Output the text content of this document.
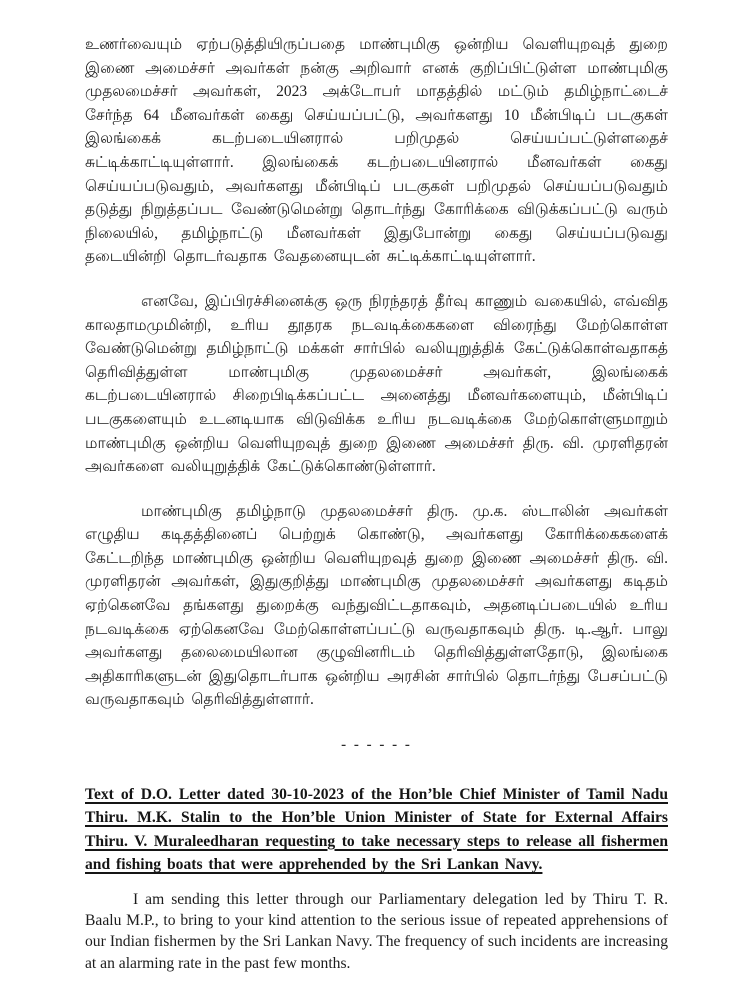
உணர்வையும் ஏற்படுத்தியிருப்பதை மாண்புமிகு ஒன்றிய வெளியுறவுத் துறை இணை அமைச்சர் அவர்கள் நன்கு அறிவார் எனக் குறிப்பிட்டுள்ள மாண்புமிகு முதலமைச்சர் அவர்கள், 2023 அக்டோபர் மாதத்தில் மட்டும் தமிழ்நாட்டைச் சேர்ந்த 64 மீனவர்கள் கைது செய்யப்பட்டு, அவர்களது 10 மீன்பிடிப் படகுகள் இலங்கைக் கடற்படையினரால் பறிமுதல் செய்யப்பட்டுள்ளதைச் சுட்டிக்காட்டியுள்ளார். இலங்கைக் கடற்படையினரால் மீனவர்கள் கைது செய்யப்படுவதும், அவர்களது மீன்பிடிப் படகுகள் பறிமுதல் செய்யப்படுவதும் தடுத்து நிறுத்தப்பட வேண்டுமென்று தொடர்ந்து கோரிக்கை விடுக்கப்பட்டு வரும் நிலையில், தமிழ்நாட்டு மீனவர்கள் இதுபோன்று கைது செய்யப்படுவது தடையின்றி தொடர்வதாக வேதனையுடன் சுட்டிக்காட்டியுள்ளார்.

எனவே, இப்பிரச்சினைக்கு ஒரு நிரந்தரத் தீர்வு காணும் வகையில், எவ்வித காலதாமமுமின்றி, உரிய தூதரக நடவடிக்கைகளை விரைந்து மேற்கொள்ள வேண்டுமென்று தமிழ்நாட்டு மக்கள் சார்பில் வலியுறுத்திக் கேட்டுக்கொள்வதாகத் தெரிவித்துள்ள மாண்புமிகு முதலமைச்சர் அவர்கள், இலங்கைக் கடற்படையினரால் சிறைபிடிக்கப்பட்ட அனைத்து மீனவர்களையும், மீன்பிடிப் படகுகளையும் உடனடியாக விடுவிக்க உரிய நடவடிக்கை மேற்கொள்ளுமாறும் மாண்புமிகு ஒன்றிய வெளியுறவுத் துறை இணை அமைச்சர் திரு. வி. முரளிதரன் அவர்களை வலியுறுத்திக் கேட்டுக்கொண்டுள்ளார்.

மாண்புமிகு தமிழ்நாடு முதலமைச்சர் திரு. மு.க. ஸ்டாலின் அவர்கள் எழுதிய கடிதத்தினைப் பெற்றுக் கொண்டு, அவர்களது கோரிக்கைகளைக் கேட்டறிந்த மாண்புமிகு ஒன்றிய வெளியுறவுத் துறை இணை அமைச்சர் திரு. வி. முரளிதரன் அவர்கள், இதுகுறித்து மாண்புமிகு முதலமைச்சர் அவர்களது கடிதம் ஏற்கெனவே தங்களது துறைக்கு வந்துவிட்டதாகவும், அதனடிப்படையில் உரிய நடவடிக்கை ஏற்கெனவே மேற்கொள்ளப்பட்டு வருவதாகவும் திரு. டி.ஆர். பாலு அவர்களது தலைமையிலான குழுவினரிடம் தெரிவித்துள்ளதோடு, இலங்கை அதிகாரிகளுடன் இதுதொடர்பாக ஒன்றிய அரசின் சார்பில் தொடர்ந்து பேசப்பட்டு வருவதாகவும் தெரிவித்துள்ளார்.

- - - - - -

Text of D.O. Letter dated 30-10-2023 of the Hon’ble Chief Minister of Tamil Nadu Thiru. M.K. Stalin to the Hon’ble Union Minister of State for External Affairs Thiru. V. Muraleedharan requesting to take necessary steps to release all fishermen and fishing boats that were apprehended by the Sri Lankan Navy.

I am sending this letter through our Parliamentary delegation led by Thiru T. R. Baalu M.P., to bring to your kind attention to the serious issue of repeated apprehensions of our Indian fishermen by the Sri Lankan Navy. The frequency of such incidents are increasing at an alarming rate in the past few months.
